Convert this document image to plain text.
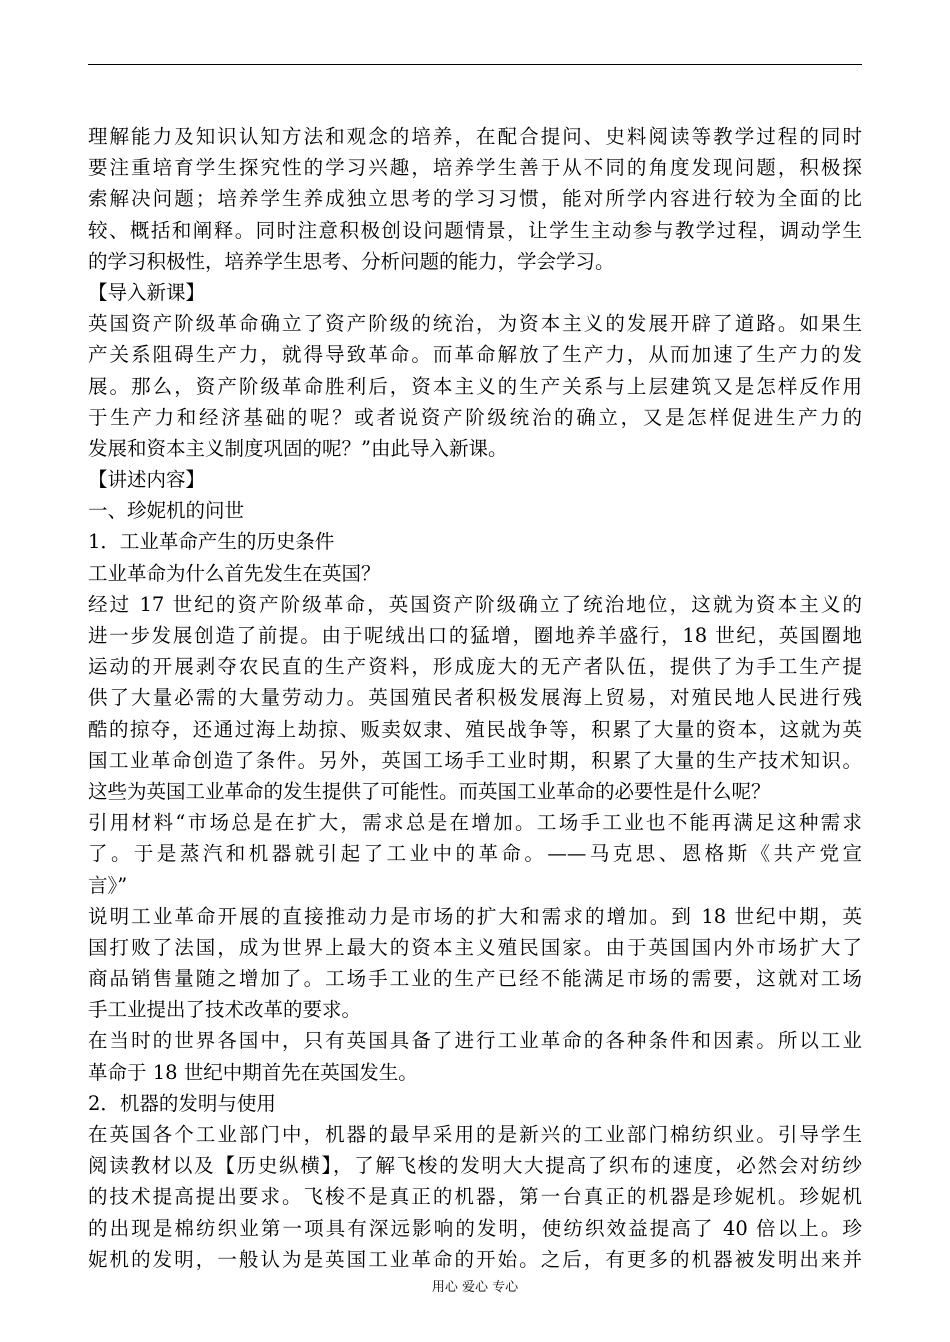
理解能力及知识认知方法和观念的培养，在配合提问、史料阅读等教学过程的同时
要注重培育学生探究性的学习兴趣，培养学生善于从不同的角度发现问题，积极探
索解决问题；培养学生养成独立思考的学习习惯，能对所学内容进行较为全面的比
较、概括和阐释。同时注意积极创设问题情景，让学生主动参与教学过程，调动学生
的学习积极性，培养学生思考、分析问题的能力，学会学习。
【导入新课】
英国资产阶级革命确立了资产阶级的统治，为资本主义的发展开辟了道路。如果生
产关系阻碍生产力，就得导致革命。而革命解放了生产力，从而加速了生产力的发
展。那么，资产阶级革命胜利后，资本主义的生产关系与上层建筑又是怎样反作用
于生产力和经济基础的呢？或者说资产阶级统治的确立，又是怎样促进生产力的
发展和资本主义制度巩固的呢？”由此导入新课。
【讲述内容】
一、珍妮机的问世
1．工业革命产生的历史条件
工业革命为什么首先发生在英国？
经过 17 世纪的资产阶级革命，英国资产阶级确立了统治地位，这就为资本主义的
进一步发展创造了前提。由于呢绒出口的猛增，圈地养羊盛行，18 世纪，英国圈地
运动的开展剥夺农民直的生产资料，形成庞大的无产者队伍，提供了为手工生产提
供了大量必需的大量劳动力。英国殖民者积极发展海上贸易，对殖民地人民进行残
酷的掠夺，还通过海上劫掠、贩卖奴隶、殖民战争等，积累了大量的资本，这就为英
国工业革命创造了条件。另外，英国工场手工业时期，积累了大量的生产技术知识。
这些为英国工业革命的发生提供了可能性。而英国工业革命的必要性是什么呢？
引用材料“市场总是在扩大，需求总是在增加。工场手工业也不能再满足这种需求
了。于是蒸汽和机器就引起了工业中的革命。——马克思、恩格斯《共产党宣
言》”
说明工业革命开展的直接推动力是市场的扩大和需求的增加。到 18 世纪中期，英
国打败了法国，成为世界上最大的资本主义殖民国家。由于英国国内外市场扩大了
商品销售量随之增加了。工场手工业的生产已经不能满足市场的需要，这就对工场
手工业提出了技术改革的要求。
在当时的世界各国中，只有英国具备了进行工业革命的各种条件和因素。所以工业
革命于 18 世纪中期首先在英国发生。
2．机器的发明与使用
在英国各个工业部门中，机器的最早采用的是新兴的工业部门棉纺织业。引导学生
阅读教材以及【历史纵横】，了解飞梭的发明大大提高了织布的速度，必然会对纺纱
的技术提高提出要求。飞梭不是真正的机器，第一台真正的机器是珍妮机。珍妮机
的出现是棉纺织业第一项具有深远影响的发明，使纺织效益提高了 40 倍以上。珍
妮机的发明，一般认为是英国工业革命的开始。之后，有更多的机器被发明出来并
用心 爱心 专心
